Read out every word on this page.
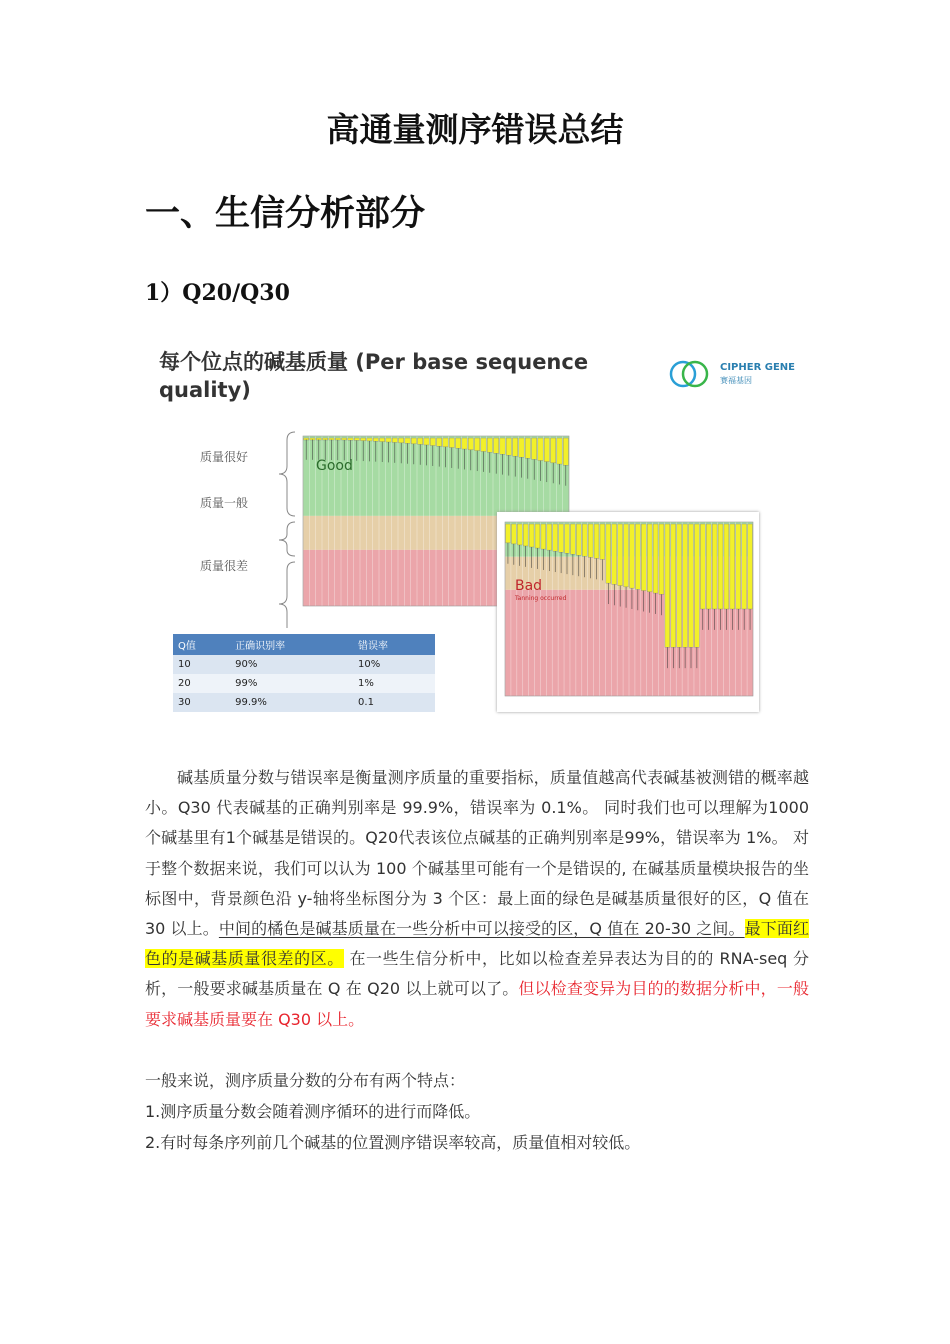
高通量测序错误总结
一、生信分析部分
1）Q20/Q30
每个位点的碱基质量 (Per base sequence quality)
CIPHER GENE
赛福基因
质量很好
质量一般
质量很差
Good
Bad
Tanning occurred
Q值	正确识别率	错误率
10	90%	10%
20	99%	1%
30	99.9%	0.1

碱基质量分数与错误率是衡量测序质量的重要指标，质量值越高代表碱基被测错的概率越小。Q30 代表碱基的正确判别率是 99.9%，错误率为 0.1%。 同时我们也可以理解为1000个碱基里有1个碱基是错误的。Q20代表该位点碱基的正确判别率是99%，错误率为 1%。 对于整个数据来说，我们可以认为 100 个碱基里可能有一个是错误的, 在碱基质量模块报告的坐标图中，背景颜色沿 y-轴将坐标图分为 3 个区：最上面的绿色是碱基质量很好的区，Q 值在 30 以上。中间的橘色是碱基质量在一些分析中可以接受的区，Q 值在 20-30 之间。最下面红色的是碱基质量很差的区。 在一些生信分析中，比如以检查差异表达为目的的 RNA-seq 分析，一般要求碱基质量在 Q 在 Q20 以上就可以了。但以检查变异为目的的数据分析中，一般要求碱基质量要在 Q30 以上。

一般来说，测序质量分数的分布有两个特点：

1.测序质量分数会随着测序循环的进行而降低。

2.有时每条序列前几个碱基的位置测序错误率较高，质量值相对较低。
